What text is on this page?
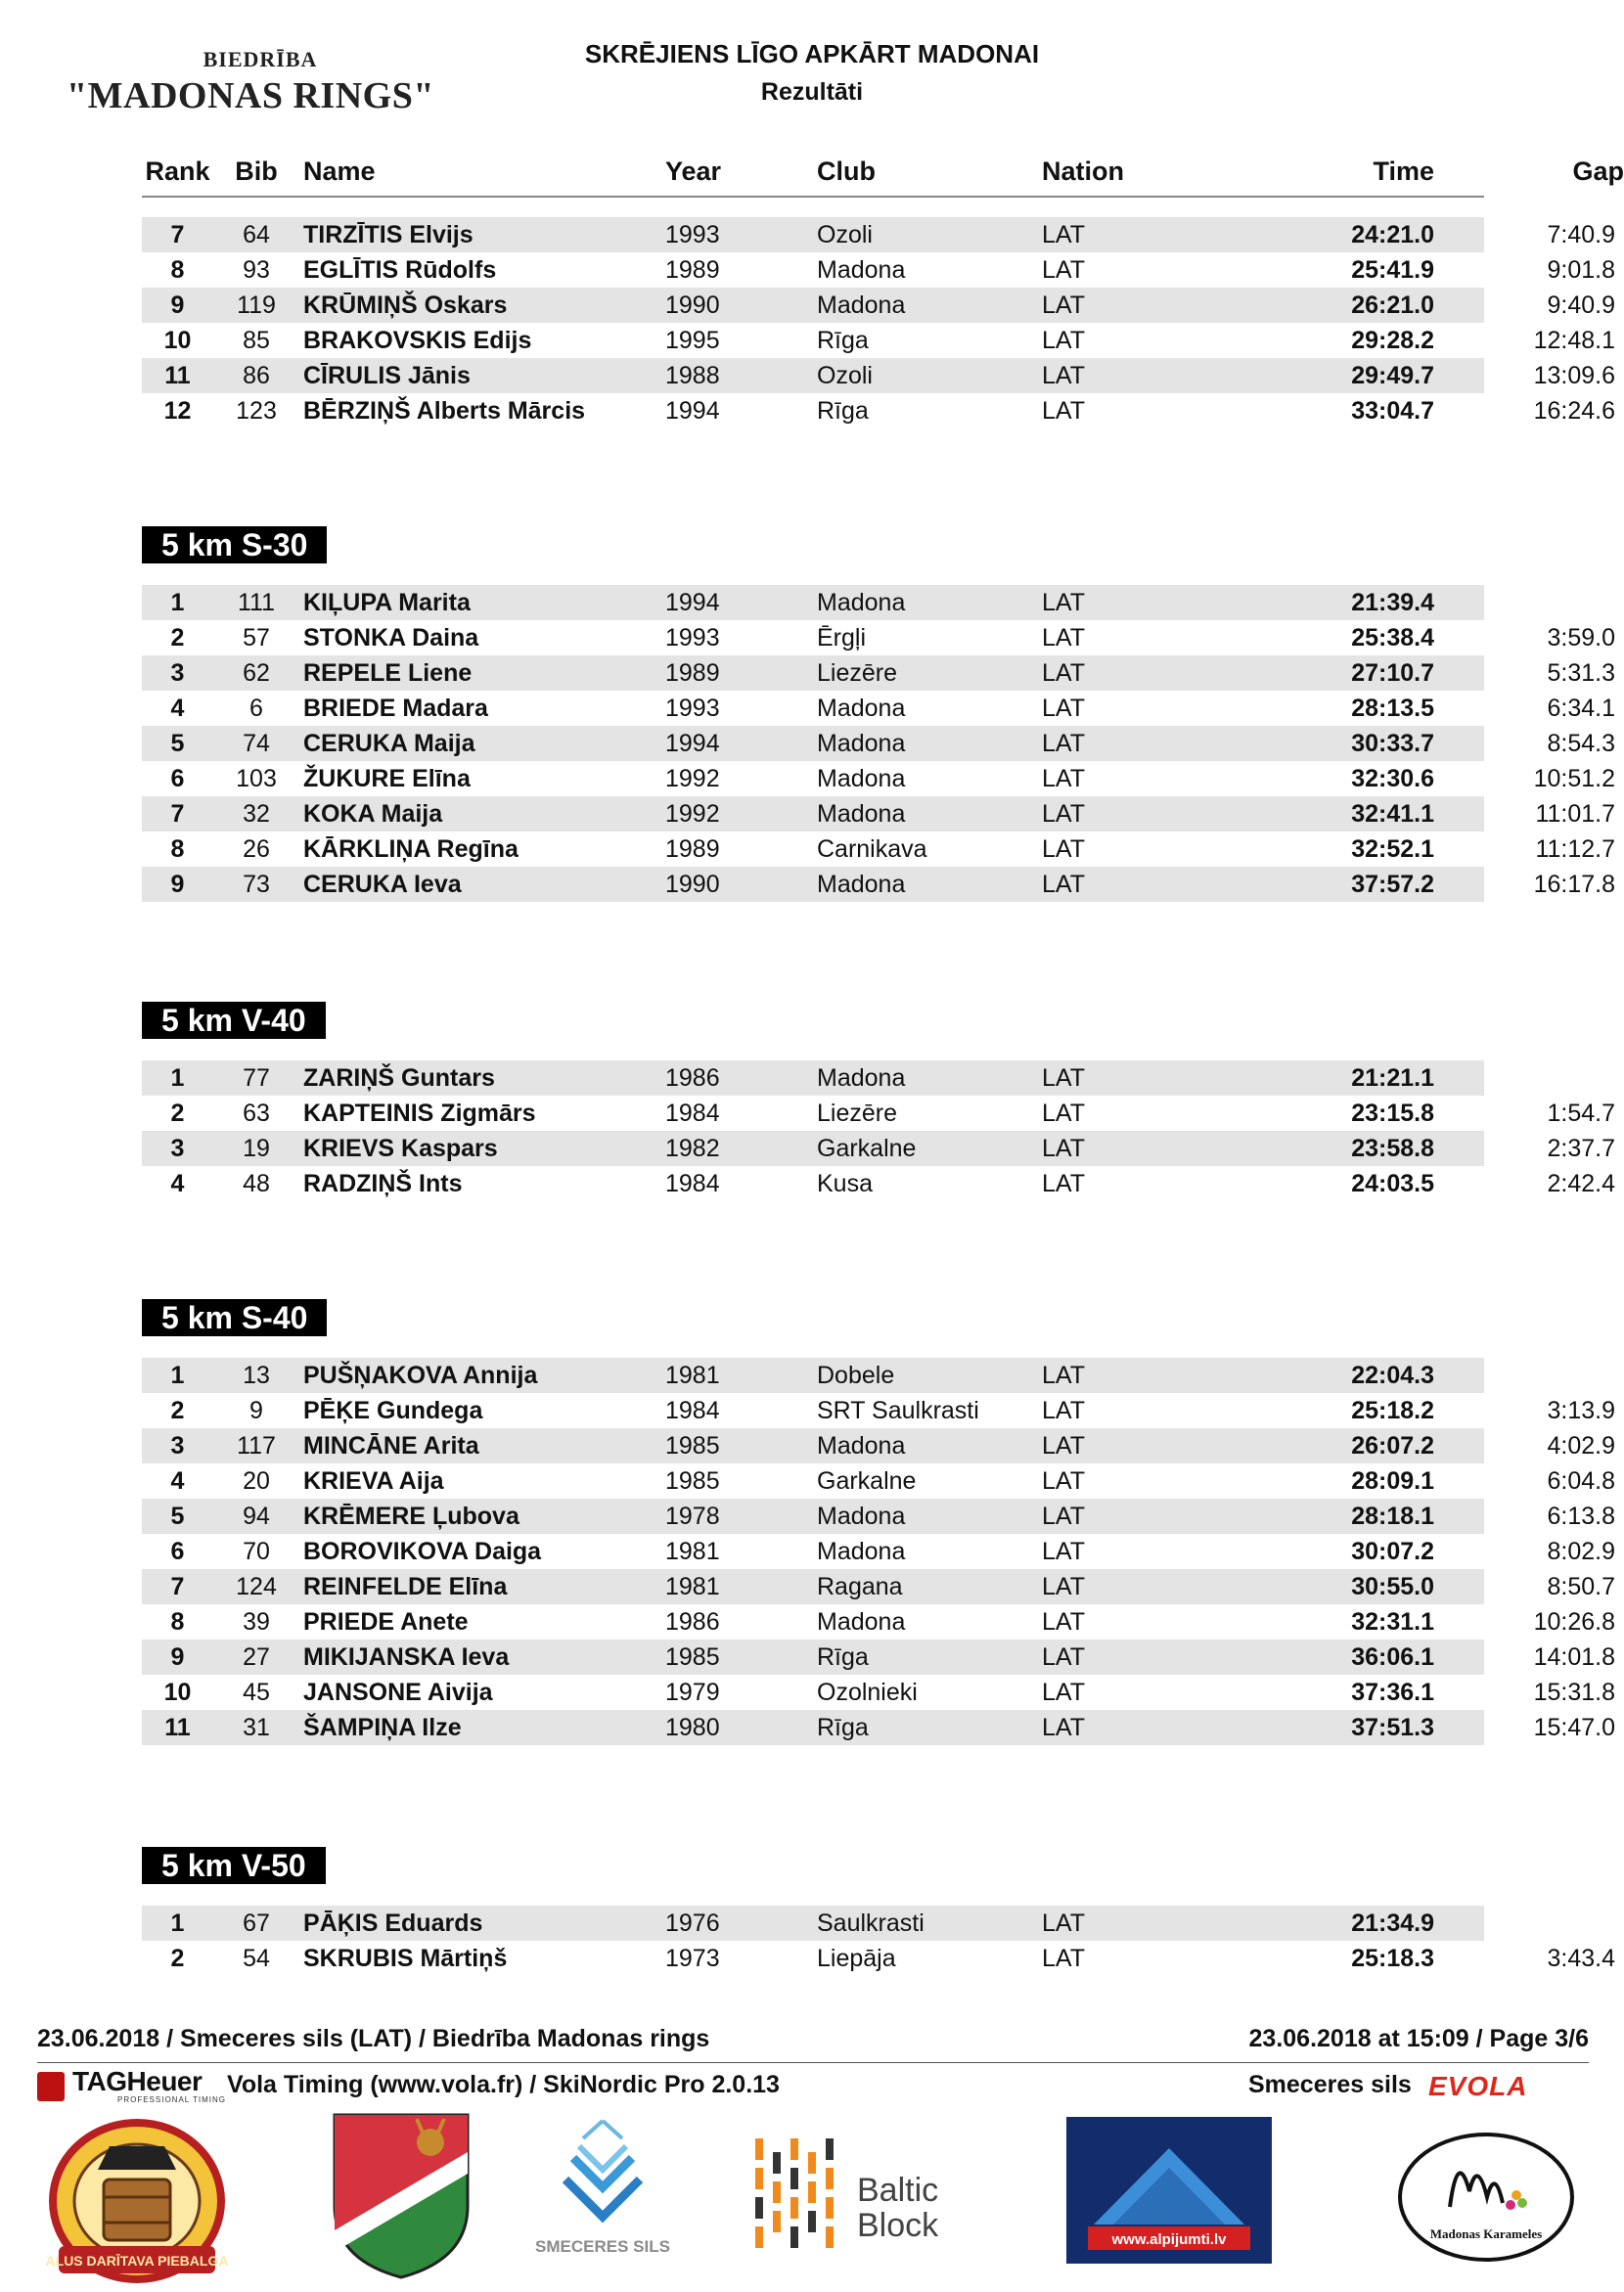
BIEDRĪBA
"MADONAS RINGS"
SKRĒJIENS LĪGO APKĀRT MADONAI
Rezultāti
Rank Bib Name	Year	Club	Nation	Time	Gap
7	64	TIRZĪTIS Elvijs	1993	Ozoli	LAT	24:21.0	7:40.9
8	93	EGLĪTIS Rūdolfs	1989	Madona	LAT	25:41.9	9:01.8
9	119	KRŪMIŅŠ Oskars	1990	Madona	LAT	26:21.0	9:40.9
10	85	BRAKOVSKIS Edijs	1995	Rīga	LAT	29:28.2	12:48.1
11	86	CĪRULIS Jānis	1988	Ozoli	LAT	29:49.7	13:09.6
12	123	BĒRZIŅŠ Alberts Mārcis	1994	Rīga	LAT	33:04.7	16:24.6
5 km S-30
1	111	KIĻUPA Marita	1994	Madona	LAT	21:39.4
2	57	STONKA Daina	1993	Ērgļi	LAT	25:38.4	3:59.0
3	62	REPELE Liene	1989	Liezēre	LAT	27:10.7	5:31.3
4	6	BRIEDE Madara	1993	Madona	LAT	28:13.5	6:34.1
5	74	CERUKA Maija	1994	Madona	LAT	30:33.7	8:54.3
6	103	ŽUKURE Elīna	1992	Madona	LAT	32:30.6	10:51.2
7	32	KOKA Maija	1992	Madona	LAT	32:41.1	11:01.7
8	26	KĀRKLIŅA Regīna	1989	Carnikava	LAT	32:52.1	11:12.7
9	73	CERUKA Ieva	1990	Madona	LAT	37:57.2	16:17.8
5 km V-40
1	77	ZARIŅŠ Guntars	1986	Madona	LAT	21:21.1
2	63	KAPTEINIS Zigmārs	1984	Liezēre	LAT	23:15.8	1:54.7
3	19	KRIEVS Kaspars	1982	Garkalne	LAT	23:58.8	2:37.7
4	48	RADZIŅŠ Ints	1984	Kusa	LAT	24:03.5	2:42.4
5 km S-40
1	13	PUŠŅAKOVA Annija	1981	Dobele	LAT	22:04.3
2	9	PĒĶE Gundega	1984	SRT Saulkrasti	LAT	25:18.2	3:13.9
3	117	MINCĀNE Arita	1985	Madona	LAT	26:07.2	4:02.9
4	20	KRIEVA Aija	1985	Garkalne	LAT	28:09.1	6:04.8
5	94	KRĒMERE Ļubova	1978	Madona	LAT	28:18.1	6:13.8
6	70	BOROVIKOVA Daiga	1981	Madona	LAT	30:07.2	8:02.9
7	124	REINFELDE Elīna	1981	Ragana	LAT	30:55.0	8:50.7
8	39	PRIEDE Anete	1986	Madona	LAT	32:31.1	10:26.8
9	27	MIKIJANSKA Ieva	1985	Rīga	LAT	36:06.1	14:01.8
10	45	JANSONE Aivija	1979	Ozolnieki	LAT	37:36.1	15:31.8
11	31	ŠAMPIŅA Ilze	1980	Rīga	LAT	37:51.3	15:47.0
5 km V-50
1	67	PĀĶIS Eduards	1976	Saulkrasti	LAT	21:34.9
2	54	SKRUBIS Mārtiņš	1973	Liepāja	LAT	25:18.3	3:43.4
23.06.2018 / Smeceres sils (LAT) / Biedrība Madonas rings	23.06.2018 at 15:09 / Page 3/6
TAGHeuer
PROFESSIONAL TIMING
Vola Timing (www.vola.fr) / SkiNordic Pro 2.0.13	Smeceres sils EVOLA
ALUS DARĪTAVA PIEBALGA
SMECERES SILS
Baltic
Block	www.alpijumti.lv	Madonas Karameles
